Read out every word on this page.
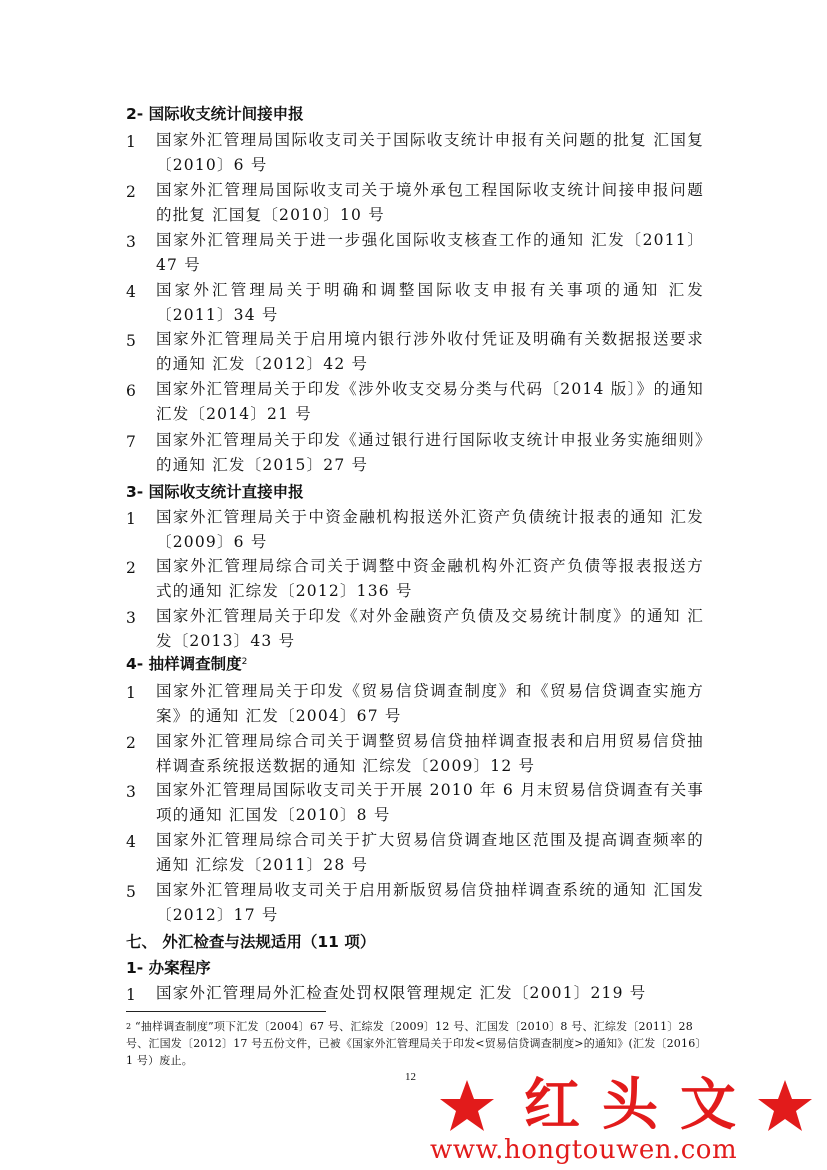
2- 国际收支统计间接申报
3- 国际收支统计直接申报
4- 抽样调查制度$^2$
七、 外汇检查与法规适用（11 项）
1- 办案程序
1 国家外汇管理局国际收支司关于国际收支统计申报有关问题的批复 汇国复〔2010〕6 号
2 国家外汇管理局国际收支司关于境外承包工程国际收支统计间接申报问题的批复 汇国复〔2010〕10 号
3 国家外汇管理局关于进一步强化国际收支核查工作的通知 汇发〔2011〕47 号
4 国家外汇管理局关于明确和调整国际收支申报有关事项的通知 汇发〔2011〕34 号
5 国家外汇管理局关于启用境内银行涉外收付凭证及明确有关数据报送要求的通知 汇发〔2012〕42 号
6 国家外汇管理局关于印发《涉外收支交易分类与代码〔2014 版〕》的通知 汇发〔2014〕21 号
7 国家外汇管理局关于印发《通过银行进行国际收支统计申报业务实施细则》的通知 汇发〔2015〕27 号
1 国家外汇管理局关于中资金融机构报送外汇资产负债统计报表的通知 汇发〔2009〕6 号
2 国家外汇管理局综合司关于调整中资金融机构外汇资产负债等报表报送方式的通知 汇综发〔2012〕136 号
3 国家外汇管理局关于印发《对外金融资产负债及交易统计制度》的通知 汇发〔2013〕43 号
1 国家外汇管理局关于印发《贸易信贷调查制度》和《贸易信贷调查实施方案》的通知 汇发〔2004〕67 号
2 国家外汇管理局综合司关于调整贸易信贷抽样调查报表和启用贸易信贷抽样调查系统报送数据的通知 汇综发〔2009〕12 号
3 国家外汇管理局国际收支司关于开展 2010 年 6 月末贸易信贷调查有关事项的通知 汇国发〔2010〕8 号
4 国家外汇管理局综合司关于扩大贸易信贷调查地区范围及提高调查频率的通知 汇综发〔2011〕28 号
5 国家外汇管理局收支司关于启用新版贸易信贷抽样调查系统的通知 汇国发〔2012〕17 号
1 国家外汇管理局外汇检查处罚权限管理规定 汇发〔2001〕219 号
$^2$ “抽样调查制度”项下汇发〔2004〕67 号、汇综发〔2009〕12 号、汇国发〔2010〕8 号、汇综发〔2011〕28 号、汇国发〔2012〕17 号五份文件，已被《国家外汇管理局关于印发<贸易信贷调查制度>的通知》(汇发〔2016〕1 号）废止。
12 红 头 文
www.hongtouwen.com
